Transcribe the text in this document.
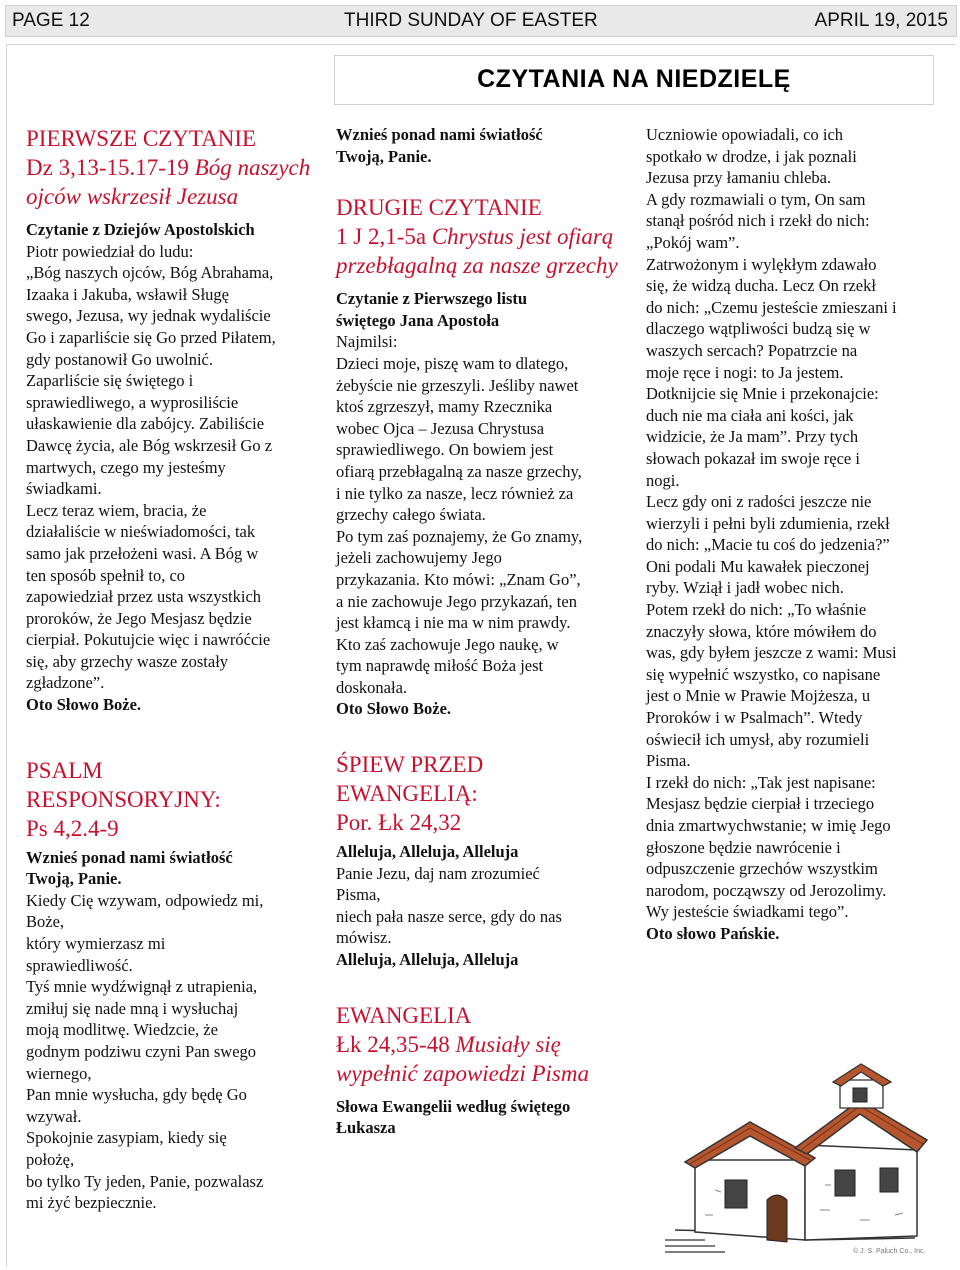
PAGE 12	THIRD SUNDAY OF EASTER	APRIL 19, 2015
CZYTANIA NA NIEDZIELĘ
PIERWSZE CZYTANIE
Dz 3,13-15.17-19 Bóg naszych ojców wskrzesił Jezusa

Czytanie z Dziejów Apostolskich

Piotr powiedział do ludu:

„Bóg naszych ojców, Bóg Abrahama,

Izaaka i Jakuba, wsławił Sługę

swego, Jezusa, wy jednak wydaliście

Go i zaparliście się Go przed Piłatem,

gdy postanowił Go uwolnić.

Zaparliście się świętego i

sprawiedliwego, a wyprosiliście

ułaskawienie dla zabójcy. Zabiliście

Dawcę życia, ale Bóg wskrzesił Go z

martwych, czego my jesteśmy

świadkami.

Lecz teraz wiem, bracia, że

działaliście w nieświadomości, tak

samo jak przełożeni wasi. A Bóg w

ten sposób spełnił to, co

zapowiedział przez usta wszystkich

proroków, że Jego Mesjasz będzie

cierpiał. Pokutujcie więc i nawróćcie

się, aby grzechy wasze zostały

zgładzone”.

Oto Słowo Boże.

PSALM
RESPONSORYJNY:
Ps 4,2.4-9

Wznieś ponad nami światłość

Twoją, Panie.

Kiedy Cię wzywam, odpowiedz mi,

Boże,

który wymierzasz mi

sprawiedliwość.

Tyś mnie wydźwignął z utrapienia,

zmiłuj się nade mną i wysłuchaj

moją modlitwę. Wiedzcie, że

godnym podziwu czyni Pan swego

wiernego,

Pan mnie wysłucha, gdy będę Go

wzywał.

Spokojnie zasypiam, kiedy się

położę,

bo tylko Ty jeden, Panie, pozwalasz

mi żyć bezpiecznie.

Wznieś ponad nami światłość

Twoją, Panie.

DRUGIE CZYTANIE
1 J 2,1-5a Chrystus jest ofiarą przebłagalną za nasze grzechy

Czytanie z Pierwszego listu

świętego Jana Apostoła

Najmilsi:

Dzieci moje, piszę wam to dlatego,

żebyście nie grzeszyli. Jeśliby nawet

ktoś zgrzeszył, mamy Rzecznika

wobec Ojca – Jezusa Chrystusa

sprawiedliwego. On bowiem jest

ofiarą przebłagalną za nasze grzechy,

i nie tylko za nasze, lecz również za

grzechy całego świata.

Po tym zaś poznajemy, że Go znamy,

jeżeli zachowujemy Jego

przykazania. Kto mówi: „Znam Go”,

a nie zachowuje Jego przykazań, ten

jest kłamcą i nie ma w nim prawdy.

Kto zaś zachowuje Jego naukę, w

tym naprawdę miłość Boża jest

doskonała.

Oto Słowo Boże.

ŚPIEW PRZED
EWANGELIĄ:
Por. Łk 24,32

Alleluja, Alleluja, Alleluja

Panie Jezu, daj nam zrozumieć

Pisma,

niech pała nasze serce, gdy do nas

mówisz.

Alleluja, Alleluja, Alleluja

EWANGELIA
Łk 24,35-48 Musiały się wypełnić zapowiedzi Pisma

Słowa Ewangelii według świętego

Łukasza

Uczniowie opowiadali, co ich

spotkało w drodze, i jak poznali

Jezusa przy łamaniu chleba.

A gdy rozmawiali o tym, On sam

stanął pośród nich i rzekł do nich:

„Pokój wam”.

Zatrwożonym i wylękłym zdawało

się, że widzą ducha. Lecz On rzekł

do nich: „Czemu jesteście zmieszani i

dlaczego wątpliwości budzą się w

waszych sercach? Popatrzcie na

moje ręce i nogi: to Ja jestem.

Dotknijcie się Mnie i przekonajcie:

duch nie ma ciała ani kości, jak

widzicie, że Ja mam”. Przy tych

słowach pokazał im swoje ręce i

nogi.

Lecz gdy oni z radości jeszcze nie

wierzyli i pełni byli zdumienia, rzekł

do nich: „Macie tu coś do jedzenia?”

Oni podali Mu kawałek pieczonej

ryby. Wziął i jadł wobec nich.

Potem rzekł do nich: „To właśnie

znaczyły słowa, które mówiłem do

was, gdy byłem jeszcze z wami: Musi

się wypełnić wszystko, co napisane

jest o Mnie w Prawie Mojżesza, u

Proroków i w Psalmach”. Wtedy

oświecił ich umysł, aby rozumieli

Pisma.

I rzekł do nich: „Tak jest napisane:

Mesjasz będzie cierpiał i trzeciego

dnia zmartwychwstanie; w imię Jego

głoszone będzie nawrócenie i

odpuszczenie grzechów wszystkim

narodom, począwszy od Jerozolimy.

Wy jesteście świadkami tego”.

Oto słowo Pańskie.

© J. S. Paluch Co., Inc.
